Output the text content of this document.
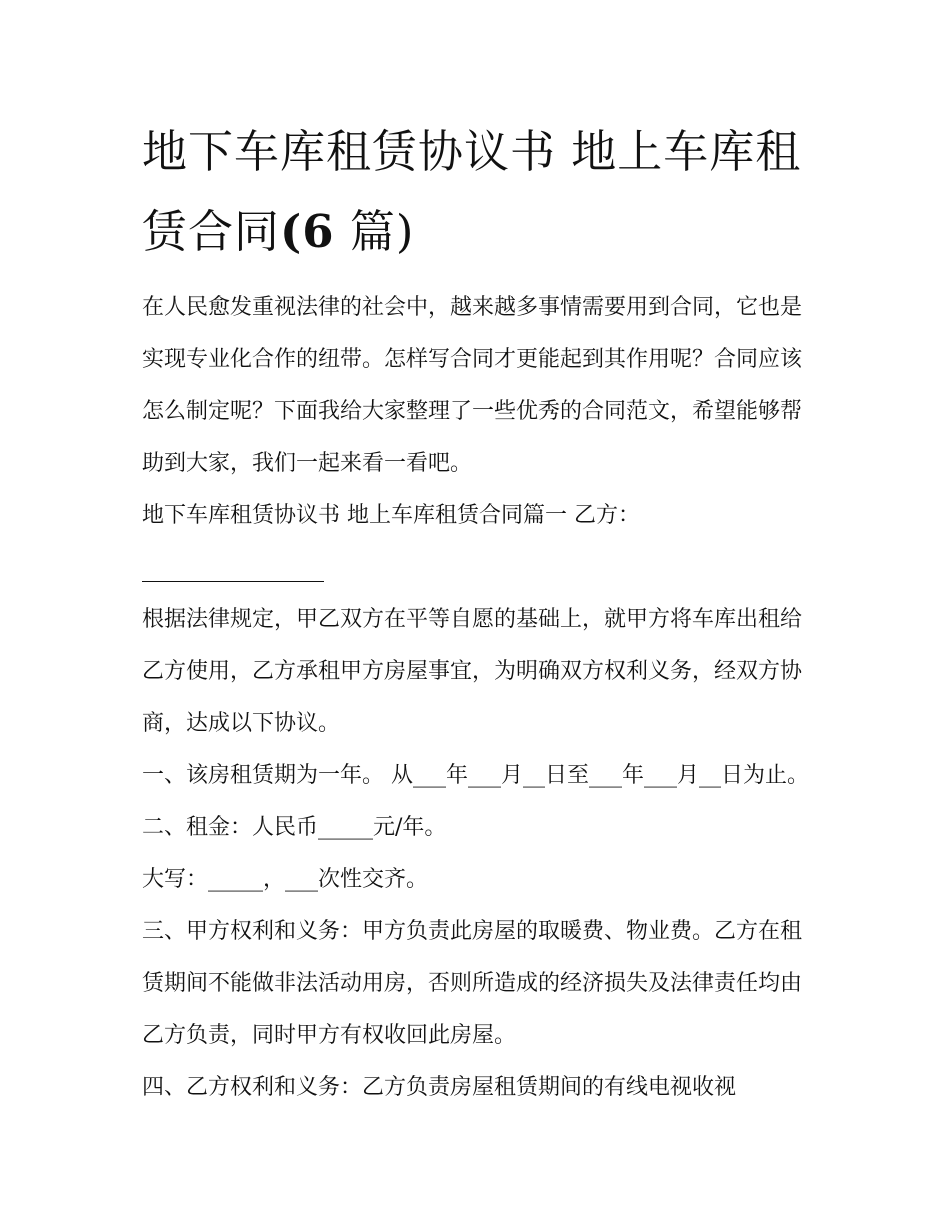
地下车库租赁协议书 地上车库租赁合同(6 篇)

在人民愈发重视法律的社会中，越来越多事情需要用到合同，它也是实现专业化合作的纽带。怎样写合同才更能起到其作用呢？合同应该怎么制定呢？下面我给大家整理了一些优秀的合同范文，希望能够帮助到大家，我们一起来看一看吧。

地下车库租赁协议书 地上车库租赁合同篇一 乙方：

根据法律规定，甲乙双方在平等自愿的基础上，就甲方将车库出租给乙方使用，乙方承租甲方房屋事宜，为明确双方权利义务，经双方协商，达成以下协议。

一、该房租赁期为一年。 从___年___月__日至___年___月__日为止。 二、租金：人民币_____元/年。

大写：_____，___次性交齐。

三、甲方权利和义务：甲方负责此房屋的取暖费、物业费。乙方在租赁期间不能做非法活动用房，否则所造成的经济损失及法律责任均由乙方负责，同时甲方有权收回此房屋。

四、乙方权利和义务：乙方负责房屋租赁期间的有线电视收视
